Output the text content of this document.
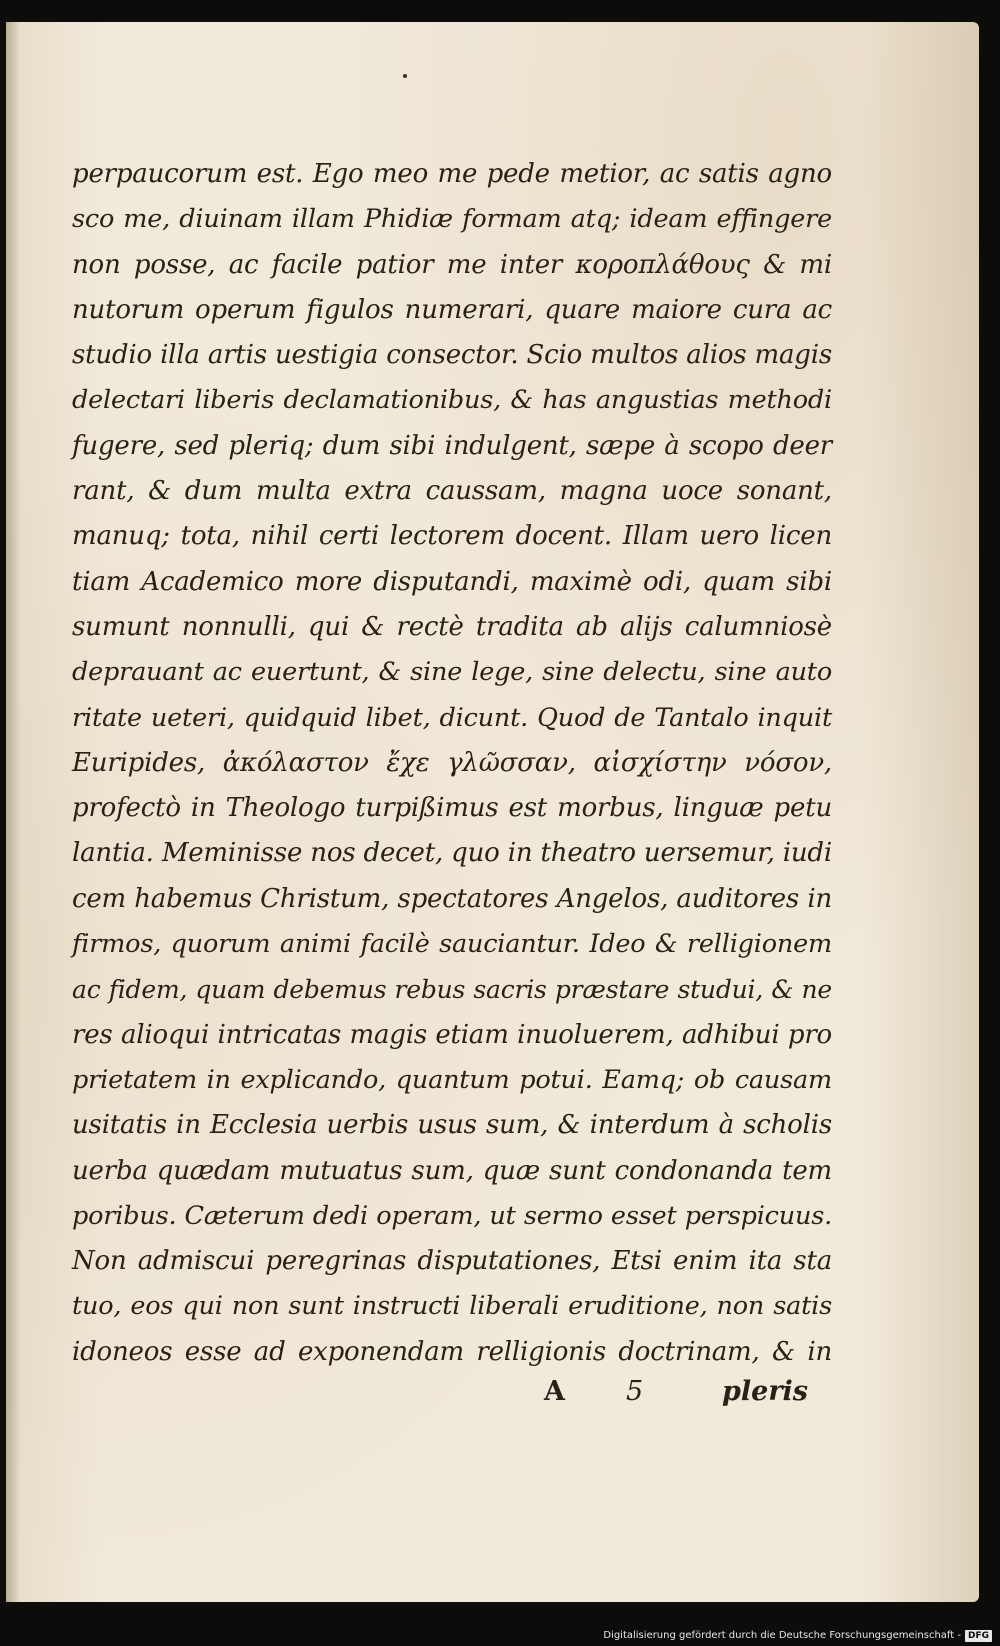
perpaucorum est. Ego meo me pede metior, ac satis agno
sco me, diuinam illam Phidiæ formam atq; ideam effingere
non posse, ac facile patior me inter κοροπλάθους & mi
nutorum operum figulos numerari, quare maiore cura ac
studio illa artis uestigia consector. Scio multos alios magis
delectari liberis declamationibus, & has angustias methodi
fugere, sed pleriq; dum sibi indulgent, sæpe à scopo deer
rant, & dum multa extra caussam, magna uoce sonant,
manuq; tota, nihil certi lectorem docent. Illam uero licen
tiam Academico more disputandi, maximè odi, quam sibi
sumunt nonnulli, qui & rectè tradita ab alijs calumniosè
deprauant ac euertunt, & sine lege, sine delectu, sine auto
ritate ueteri, quidquid libet, dicunt. Quod de Tantalo inquit
Euripides, ἀκόλαστον ἔχε γλῶσσαν, αἰσχίστην νόσον,
profectò in Theologo turpißimus est morbus, linguæ petu
lantia. Meminisse nos decet, quo in theatro uersemur, iudi
cem habemus Christum, spectatores Angelos, auditores in
firmos, quorum animi facilè sauciantur. Ideo & relligionem
ac fidem, quam debemus rebus sacris præstare studui, & ne
res alioqui intricatas magis etiam inuoluerem, adhibui pro
prietatem in explicando, quantum potui. Eamq; ob causam
usitatis in Ecclesia uerbis usus sum, & interdum à scholis
uerba quædam mutuatus sum, quæ sunt condonanda tem
poribus. Cæterum dedi operam, ut sermo esset perspicuus.
Non admiscui peregrinas disputationes, Etsi enim ita sta
tuo, eos qui non sunt instructi liberali eruditione, non satis
idoneos esse ad exponendam relligionis doctrinam, & in
A 5	pleris
Digitalisierung gefördert durch die Deutsche Forschungsgemeinschaft - DFG
